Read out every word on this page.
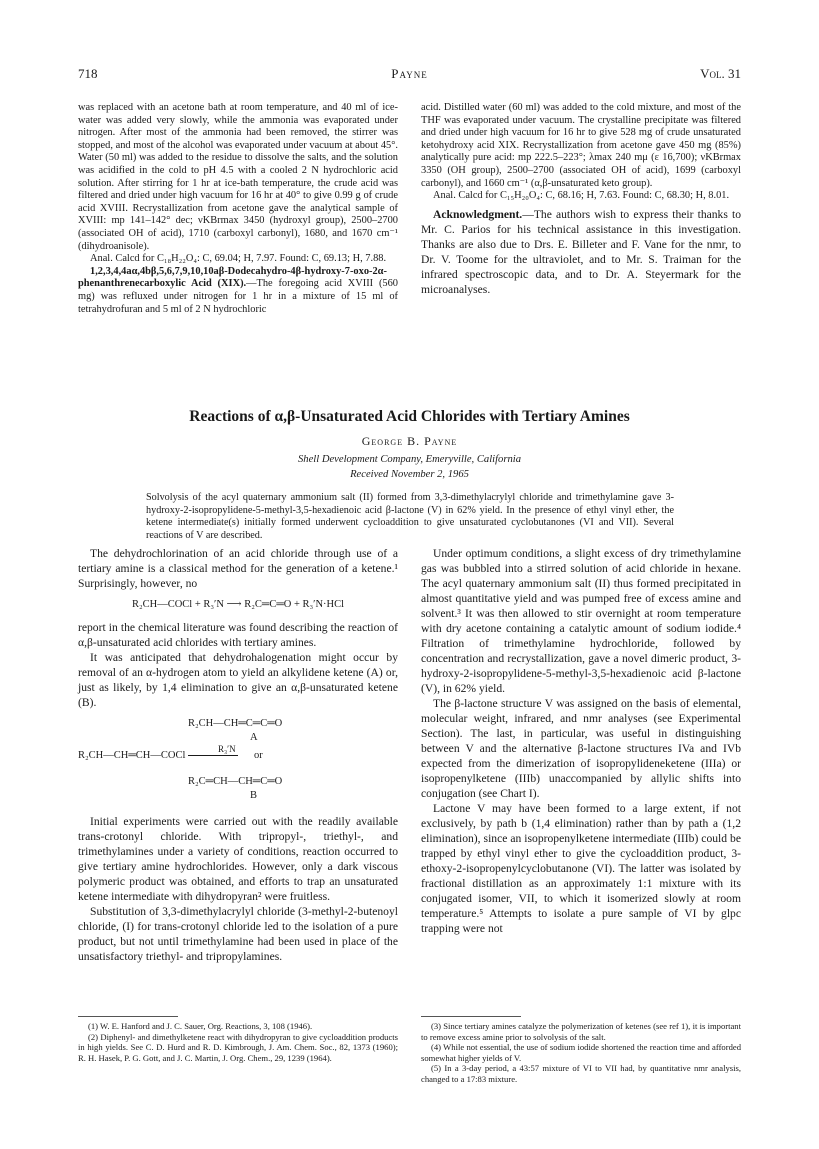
718	Payne	Vol. 31

was replaced with an acetone bath at room temperature, and 40 ml of ice-water was added very slowly, while the ammonia was evaporated under nitrogen. After most of the ammonia had been removed, the stirrer was stopped, and most of the alcohol was evaporated under vacuum at about 45°. Water (50 ml) was added to the residue to dissolve the salts, and the solution was acidified in the cold to pH 4.5 with a cooled 2 N hydrochloric acid solution. After stirring for 1 hr at ice-bath temperature, the crude acid was filtered and dried under high vacuum for 16 hr at 40° to give 0.99 g of crude acid XVIII. Recrystallization from acetone gave the analytical sample of XVIII: mp 141–142° dec; νKBrmax 3450 (hydroxyl group), 2500–2700 (associated OH of acid), 1710 (carboxyl carbonyl), 1680, and 1670 cm⁻¹ (dihydroanisole).

Anal. Calcd for C₁₈H₂₂O₄: C, 69.04; H, 7.97. Found: C, 69.13; H, 7.88.

1,2,3,4,4aα,4bβ,5,6,7,9,10,10aβ-Dodecahydro-4β-hydroxy-7-oxo-2α-phenanthrenecarboxylic Acid (XIX).—The foregoing acid XVIII (560 mg) was refluxed under nitrogen for 1 hr in a mixture of 15 ml of tetrahydrofuran and 5 ml of 2 N hydrochloric

acid. Distilled water (60 ml) was added to the cold mixture, and most of the THF was evaporated under vacuum. The crystalline precipitate was filtered and dried under high vacuum for 16 hr to give 528 mg of crude unsaturated ketohydroxy acid XIX. Recrystallization from acetone gave 450 mg (85%) analytically pure acid: mp 222.5–223°; λmax 240 mμ (ε 16,700); νKBrmax 3350 (OH group), 2500–2700 (associated OH of acid), 1699 (carboxyl carbonyl), and 1660 cm⁻¹ (α,β-unsaturated keto group).

Anal. Calcd for C₁₅H₂₀O₄: C, 68.16; H, 7.63. Found: C, 68.30; H, 8.01.

Acknowledgment.—The authors wish to express their thanks to Mr. C. Parios for his technical assistance in this investigation. Thanks are also due to Drs. E. Billeter and F. Vane for the nmr, to Dr. V. Toome for the ultraviolet, and to Mr. S. Traiman for the infrared spectroscopic data, and to Dr. A. Steyermark for the microanalyses.

Reactions of α,β-Unsaturated Acid Chlorides with Tertiary Amines

George B. Payne

Shell Development Company, Emeryville, California

Received November 2, 1965

Solvolysis of the acyl quaternary ammonium salt (II) formed from 3,3-dimethylacrylyl chloride and trimethylamine gave 3-hydroxy-2-isopropylidene-5-methyl-3,5-hexadienoic acid β-lactone (V) in 62% yield. In the presence of ethyl vinyl ether, the ketene intermediate(s) initially formed underwent cycloaddition to give unsaturated cyclobutanones (VI and VII). Several reactions of V are described.

The dehydrochlorination of an acid chloride through use of a tertiary amine is a classical method for the generation of a ketene.¹ Surprisingly, however, no

R₂CH—COCl + R₃′N ⟶ R₂C═C═O + R₃′N·HCl

report in the chemical literature was found describing the reaction of α,β-unsaturated acid chlorides with tertiary amines.

It was anticipated that dehydrohalogenation might occur by removal of an α-hydrogen atom to yield an alkylidene ketene (A) or, just as likely, by 1,4 elimination to give an α,β-unsaturated ketene (B).

R₂CH—CH═C═C═O
A
R₃′N
R₂CH—CH═CH—COCl	or
R₂C═CH—CH═C═O
B

Initial experiments were carried out with the readily available trans-crotonyl chloride. With tripropyl-, triethyl-, and trimethylamines under a variety of conditions, reaction occurred to give tertiary amine hydrochlorides. However, only a dark viscous polymeric product was obtained, and efforts to trap an unsaturated ketene intermediate with dihydropyran² were fruitless.

Substitution of 3,3-dimethylacrylyl chloride (3-methyl-2-butenoyl chloride, (I) for trans-crotonyl chloride led to the isolation of a pure product, but not until trimethylamine had been used in place of the unsatisfactory triethyl- and tripropylamines.

Under optimum conditions, a slight excess of dry trimethylamine gas was bubbled into a stirred solution of acid chloride in hexane. The acyl quaternary ammonium salt (II) thus formed precipitated in almost quantitative yield and was pumped free of excess amine and solvent.³ It was then allowed to stir overnight at room temperature with dry acetone containing a catalytic amount of sodium iodide.⁴ Filtration of trimethylamine hydrochloride, followed by concentration and recrystallization, gave a novel dimeric product, 3-hydroxy-2-isopropylidene-5-methyl-3,5-hexadienoic acid β-lactone (V), in 62% yield.

The β-lactone structure V was assigned on the basis of elemental, molecular weight, infrared, and nmr analyses (see Experimental Section). The last, in particular, was useful in distinguishing between V and the alternative β-lactone structures IVa and IVb expected from the dimerization of isopropylideneketene (IIIa) or isopropenylketene (IIIb) unaccompanied by allylic shifts into conjugation (see Chart I).

Lactone V may have been formed to a large extent, if not exclusively, by path b (1,4 elimination) rather than by path a (1,2 elimination), since an isopropenylketene intermediate (IIIb) could be trapped by ethyl vinyl ether to give the cycloaddition product, 3-ethoxy-2-isopropenylcyclobutanone (VI). The latter was isolated by fractional distillation as an approximately 1:1 mixture with its conjugated isomer, VII, to which it isomerized slowly at room temperature.⁵ Attempts to isolate a pure sample of VI by glpc trapping were not

(1) W. E. Hanford and J. C. Sauer, Org. Reactions, 3, 108 (1946).

(2) Diphenyl- and dimethylketene react with dihydropyran to give cycloaddition products in high yields. See C. D. Hurd and R. D. Kimbrough, J. Am. Chem. Soc., 82, 1373 (1960); R. H. Hasek, P. G. Gott, and J. C. Martin, J. Org. Chem., 29, 1239 (1964).

(3) Since tertiary amines catalyze the polymerization of ketenes (see ref 1), it is important to remove excess amine prior to solvolysis of the salt.

(4) While not essential, the use of sodium iodide shortened the reaction time and afforded somewhat higher yields of V.

(5) In a 3-day period, a 43:57 mixture of VI to VII had, by quantitative nmr analysis, changed to a 17:83 mixture.
